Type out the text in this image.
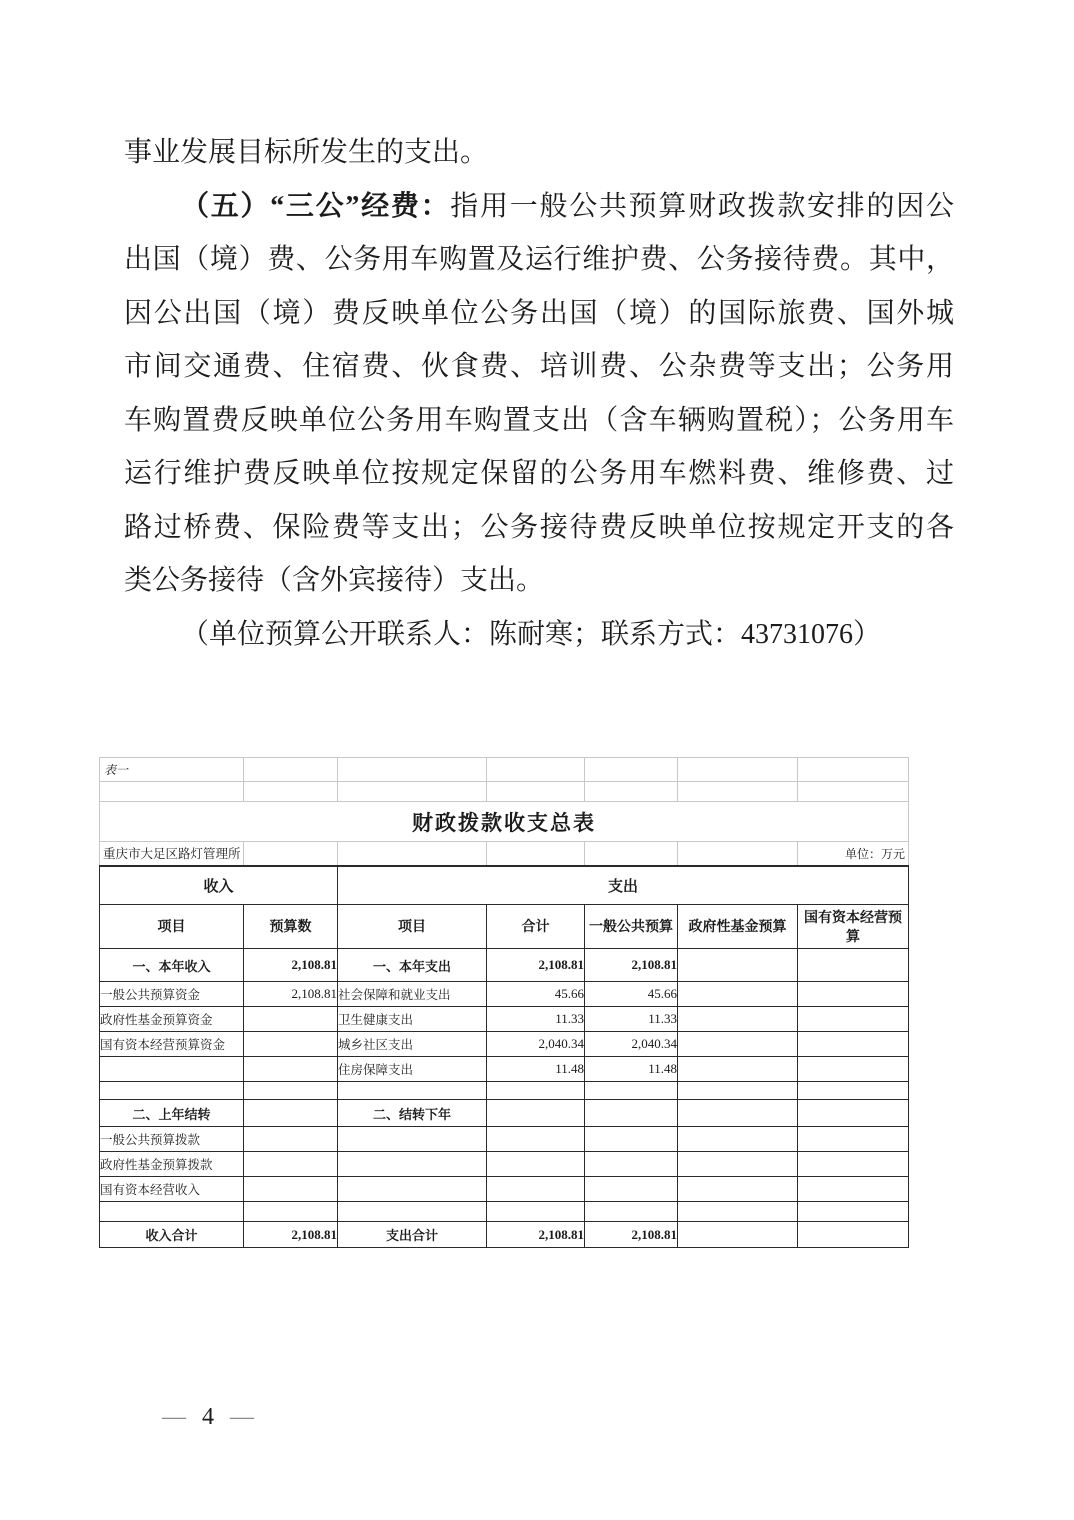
事业发展目标所发生的支出。
（五）“三公”经费：指用一般公共预算财政拨款安排的因公
出国（境）费、公务用车购置及运行维护费、公务接待费。其中，
因公出国（境）费反映单位公务出国（境）的国际旅费、国外城
市间交通费、住宿费、伙食费、培训费、公杂费等支出；公务用
车购置费反映单位公务用车购置支出（含车辆购置税）；公务用车
运行维护费反映单位按规定保留的公务用车燃料费、维修费、过
路过桥费、保险费等支出；公务接待费反映单位按规定开支的各
类公务接待（含外宾接待）支出。
（单位预算公开联系人：陈耐寒；联系方式：43731076）
表一						

财政拨款收支总表						
重庆市大足区路灯管理所						单位：万元
收入		支出				
项目	预算数	项目	合计	一般公共预算	政府性基金预算	国有资本经营预算
一、本年收入	2,108.81	一、本年支出	2,108.81	2,108.81		
一般公共预算资金	2,108.81	社会保障和就业支出	45.66	45.66		
政府性基金预算资金		卫生健康支出	11.33	11.33		
国有资本经营预算资金		城乡社区支出	2,040.34	2,040.34		
		住房保障支出	11.48	11.48		

二、上年结转		二、结转下年				
一般公共预算拨款						
政府性基金预算拨款						
国有资本经营收入						

收入合计	2,108.81	支出合计	2,108.81	2,108.81		
— 4 —
